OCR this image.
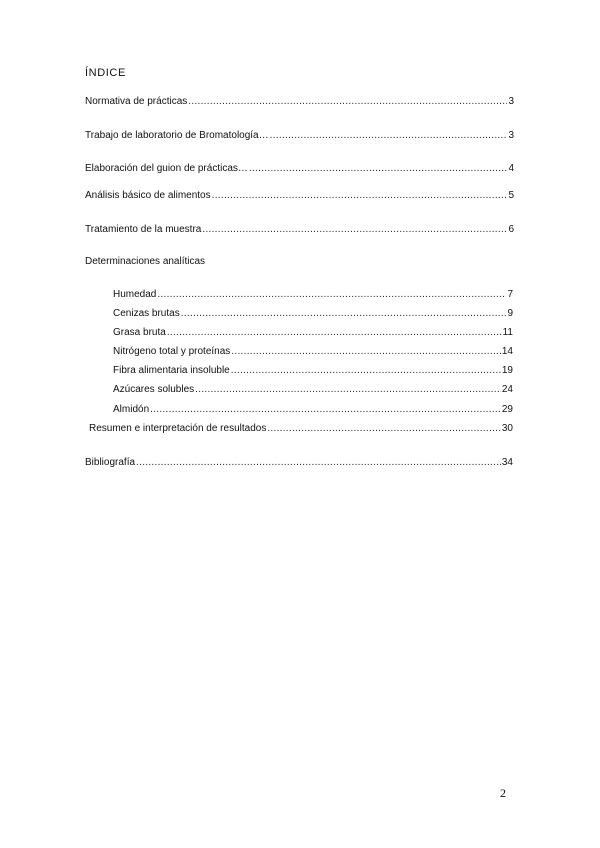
ÍNDICE
Normativa de prácticas .....	3
Trabajo de laboratorio de Bromatología… .....	3
Elaboración del guion de prácticas… .....	4
Análisis básico de alimentos .....	5
Tratamiento de la muestra .....	6
Determinaciones analíticas
Humedad .....	7
Cenizas brutas .....	9
Grasa bruta .....	11
Nitrógeno total y proteínas .....	14
Fibra alimentaria insoluble .....	19
Azúcares solubles .....	24
Almidón .....	29
Resumen e interpretación de resultados .....	30
Bibliografía .....	34
2
